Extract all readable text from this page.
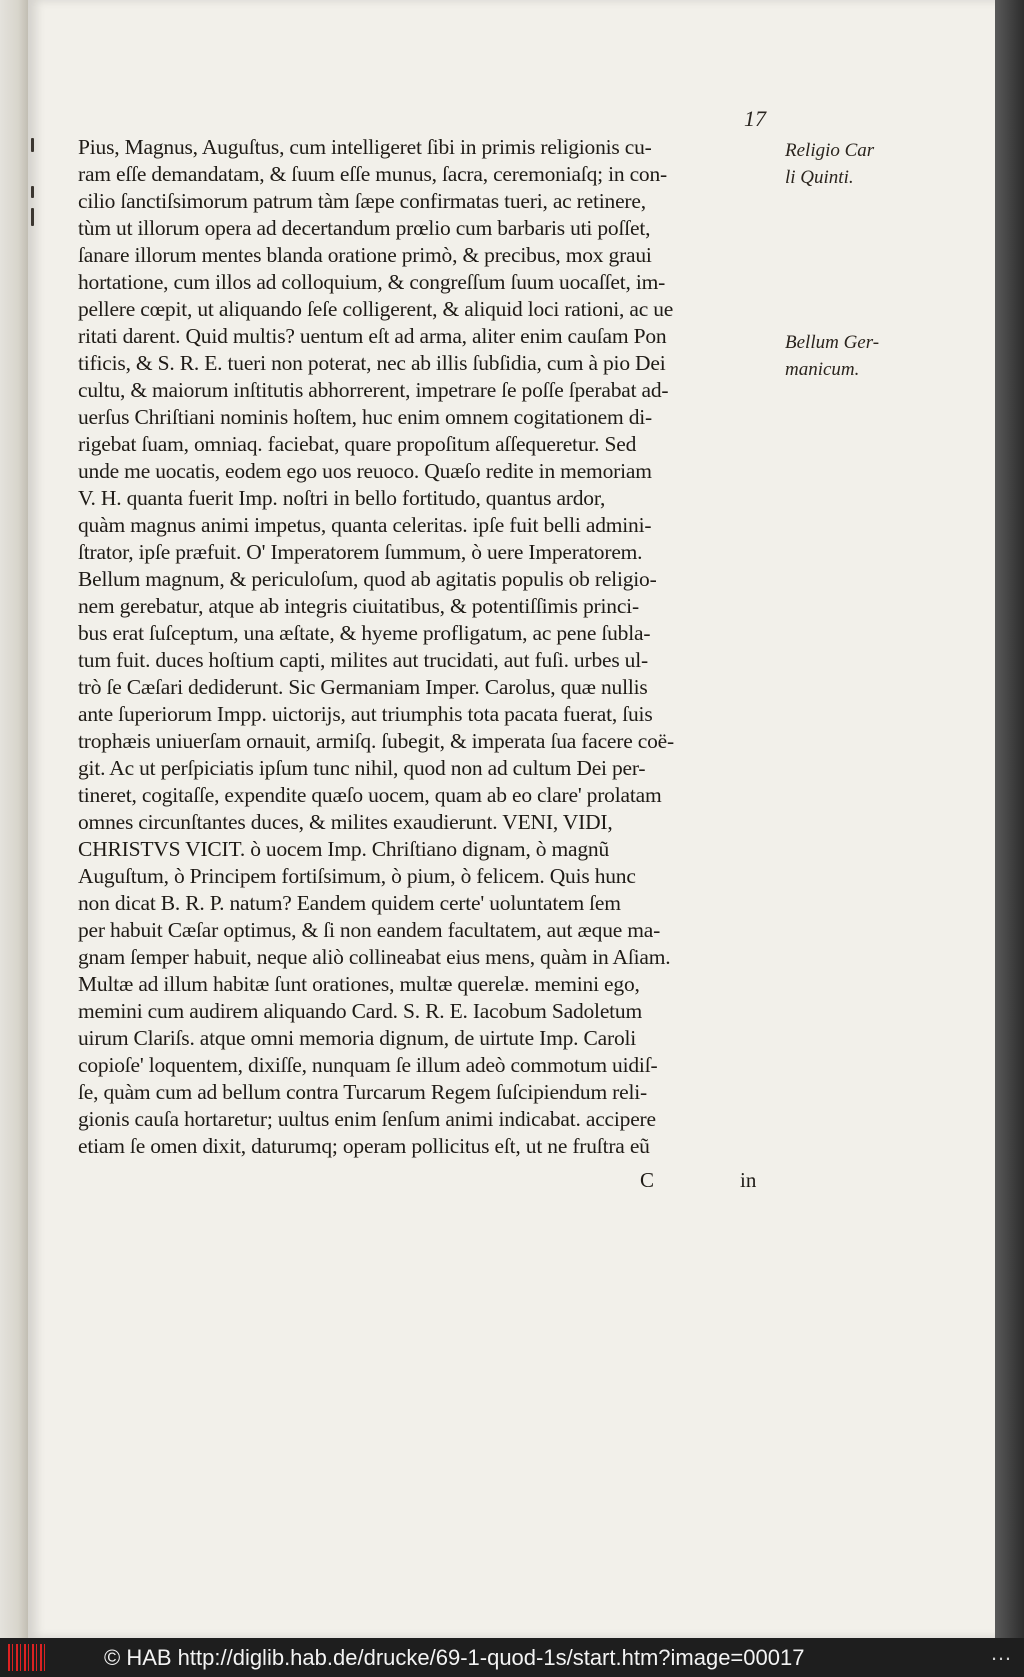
17
Pius, Magnus, Auguſtus, cum intelligeret ſibi in primis religionis cu-
ram eſſe demandatam, & ſuum eſſe munus, ſacra, ceremoniaſq; in con-
cilio ſanctiſsimorum patrum tàm ſæpe confirmatas tueri, ac retinere,
tùm ut illorum opera ad decertandum prœlio cum barbaris uti poſſet,
ſanare illorum mentes blanda oratione primò, & precibus, mox graui
hortatione, cum illos ad colloquium, & congreſſum ſuum uocaſſet, im-
pellere cœpit, ut aliquando ſeſe colligerent, & aliquid loci rationi, ac ue
ritati darent. Quid multis? uentum eſt ad arma, aliter enim cauſam Pon
tificis, & S. R. E. tueri non poterat, nec ab illis ſubſidia, cum à pio Dei
cultu, & maiorum inſtitutis abhorrerent, impetrare ſe poſſe ſperabat ad-
uerſus Chriſtiani nominis hoſtem, huc enim omnem cogitationem di-
rigebat ſuam, omniaq. faciebat, quare propoſitum aſſequeretur. Sed
unde me uocatis, eodem ego uos reuoco. Quæſo redite in memoriam
V. H. quanta fuerit Imp. noſtri in bello fortitudo, quantus ardor,
quàm magnus animi impetus, quanta celeritas. ipſe fuit belli admini-
ſtrator, ipſe præfuit. O' Imperatorem ſummum, ò uere Imperatorem.
Bellum magnum, & periculoſum, quod ab agitatis populis ob religio-
nem gerebatur, atque ab integris ciuitatibus, & potentiſſimis princi-
bus erat ſuſceptum, una æſtate, & hyeme profligatum, ac pene ſubla-
tum fuit. duces hoſtium capti, milites aut trucidati, aut fuſi. urbes ul-
trò ſe Cæſari dediderunt. Sic Germaniam Imper. Carolus, quæ nullis
ante ſuperiorum Impp. uictorijs, aut triumphis tota pacata fuerat, ſuis
trophæis uniuerſam ornauit, armiſq. ſubegit, & imperata ſua facere coë-
git. Ac ut perſpiciatis ipſum tunc nihil, quod non ad cultum Dei per-
tineret, cogitaſſe, expendite quæſo uocem, quam ab eo clare' prolatam
omnes circunſtantes duces, & milites exaudierunt. VENI, VIDI,
CHRISTVS VICIT. ò uocem Imp. Chriſtiano dignam, ò magnũ
Auguſtum, ò Principem fortiſsimum, ò pium, ò felicem. Quis hunc
non dicat B. R. P. natum? Eandem quidem certe' uoluntatem ſem
per habuit Cæſar optimus, & ſi non eandem facultatem, aut æque ma-
gnam ſemper habuit, neque aliò collineabat eius mens, quàm in Aſiam.
Multæ ad illum habitæ ſunt orationes, multæ querelæ. memini ego,
memini cum audirem aliquando Card. S. R. E. Iacobum Sadoletum
uirum Clariſs. atque omni memoria dignum, de uirtute Imp. Caroli
copioſe' loquentem, dixiſſe, nunquam ſe illum adeò commotum uidiſ-
ſe, quàm cum ad bellum contra Turcarum Regem ſuſcipiendum reli-
gionis cauſa hortaretur; uultus enim ſenſum animi indicabat. accipere
etiam ſe omen dixit, daturumq; operam pollicitus eſt, ut ne fruſtra eũ
Religio Car
li Quinti.
Bellum Ger-
manicum.
C	in
© HAB http://diglib.hab.de/drucke/69-1-quod-1s/start.htm?image=00017	…
